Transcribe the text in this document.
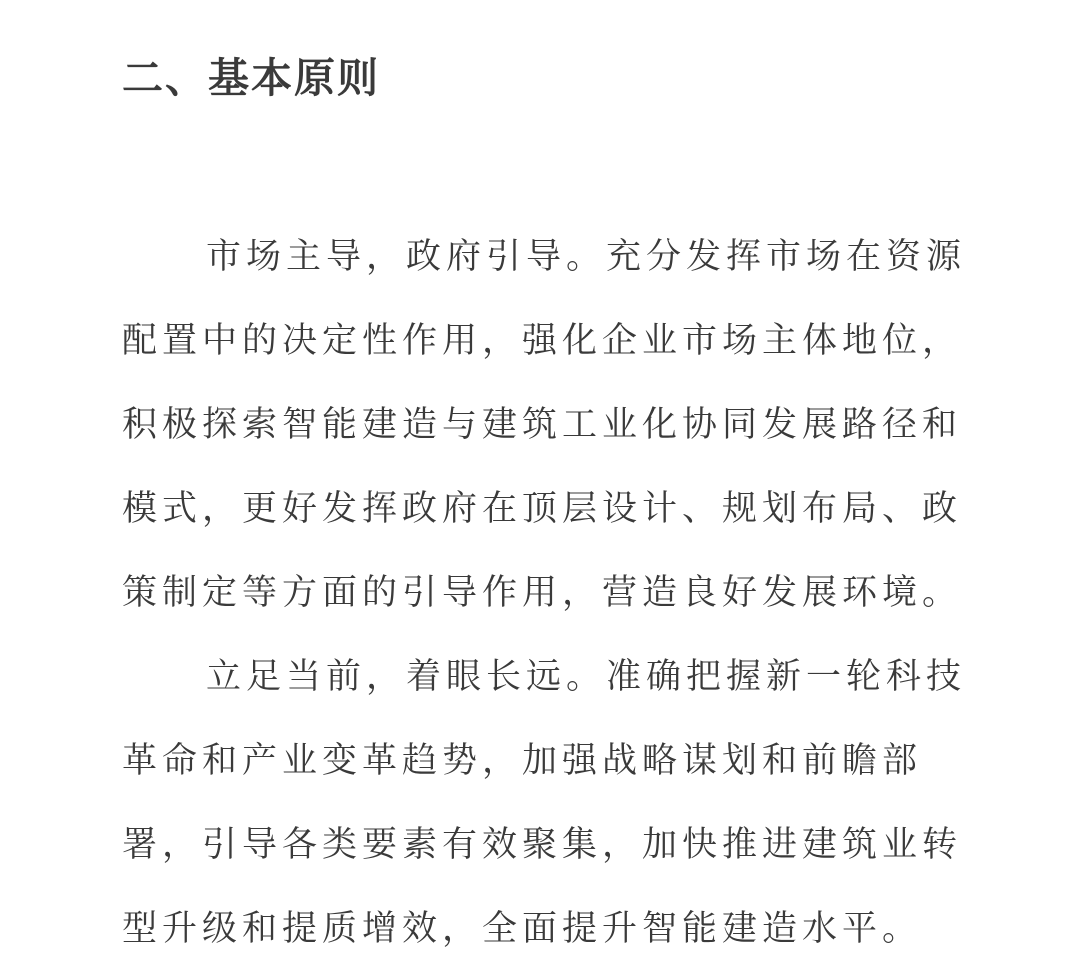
二、基本原则
市场主导，政府引导。充分发挥市场在资源
配置中的决定性作用，强化企业市场主体地位，
积极探索智能建造与建筑工业化协同发展路径和
模式，更好发挥政府在顶层设计、规划布局、政
策制定等方面的引导作用，营造良好发展环境。
立足当前，着眼长远。准确把握新一轮科技
革命和产业变革趋势，加强战略谋划和前瞻部
署，引导各类要素有效聚集，加快推进建筑业转
型升级和提质增效，全面提升智能建造水平。
